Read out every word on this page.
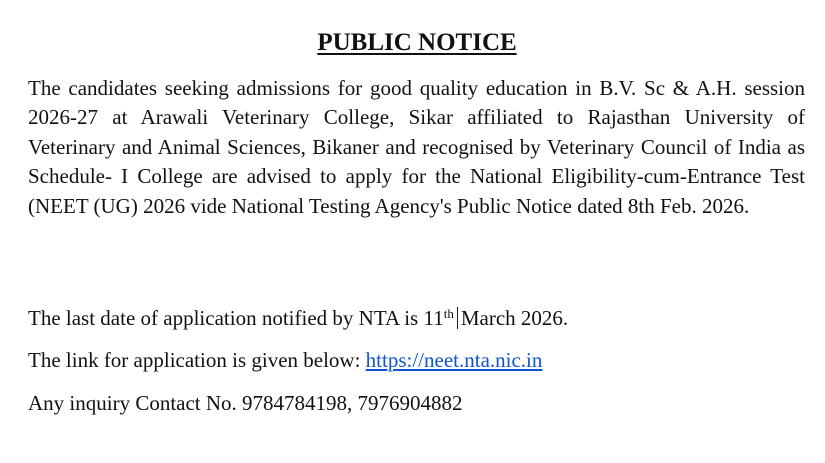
PUBLIC NOTICE

The candidates seeking admissions for good quality education in B.V. Sc & A.H. session 2026-27 at Arawali Veterinary College, Sikar affiliated to Rajasthan University of Veterinary and Animal Sciences, Bikaner and recognised by Veterinary Council of India as Schedule- I College are advised to apply for the National Eligibility-cum-Entrance Test (NEET (UG) 2026 vide National Testing Agency's Public Notice dated 8th Feb. 2026.

The last date of application notified by NTA is 11th March 2026.

The link for application is given below: https://neet.nta.nic.in

Any inquiry Contact No. 9784784198, 7976904882
